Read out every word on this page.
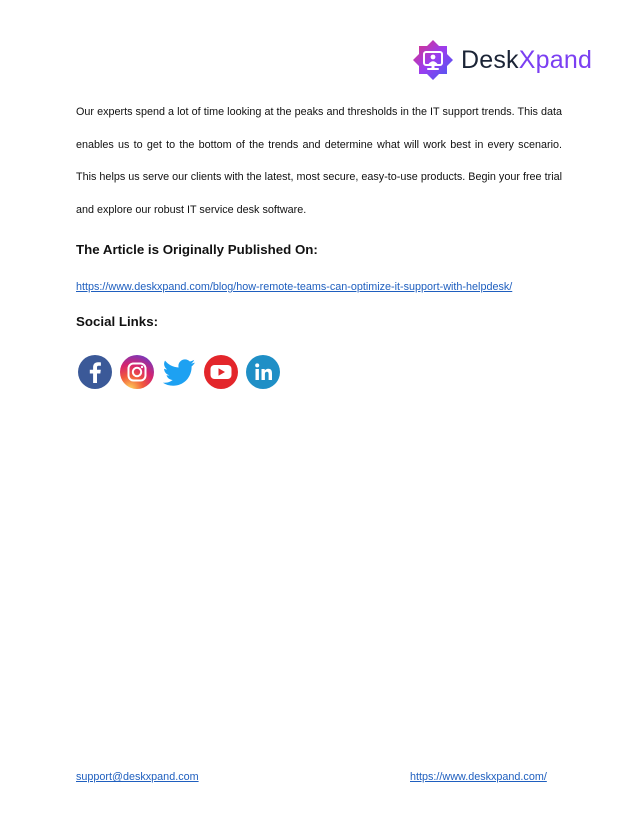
DeskXpand

Our experts spend a lot of time looking at the peaks and thresholds in the IT support trends. This data enables us to get to the bottom of the trends and determine what will work best in every scenario. This helps us serve our clients with the latest, most secure, easy-to-use products. Begin your free trial and explore our robust IT service desk software.

The Article is Originally Published On:
https://www.deskxpand.com/blog/how-remote-teams-can-optimize-it-support-with-helpdesk/
Social Links:
support@deskxpand.com	https://www.deskxpand.com/
